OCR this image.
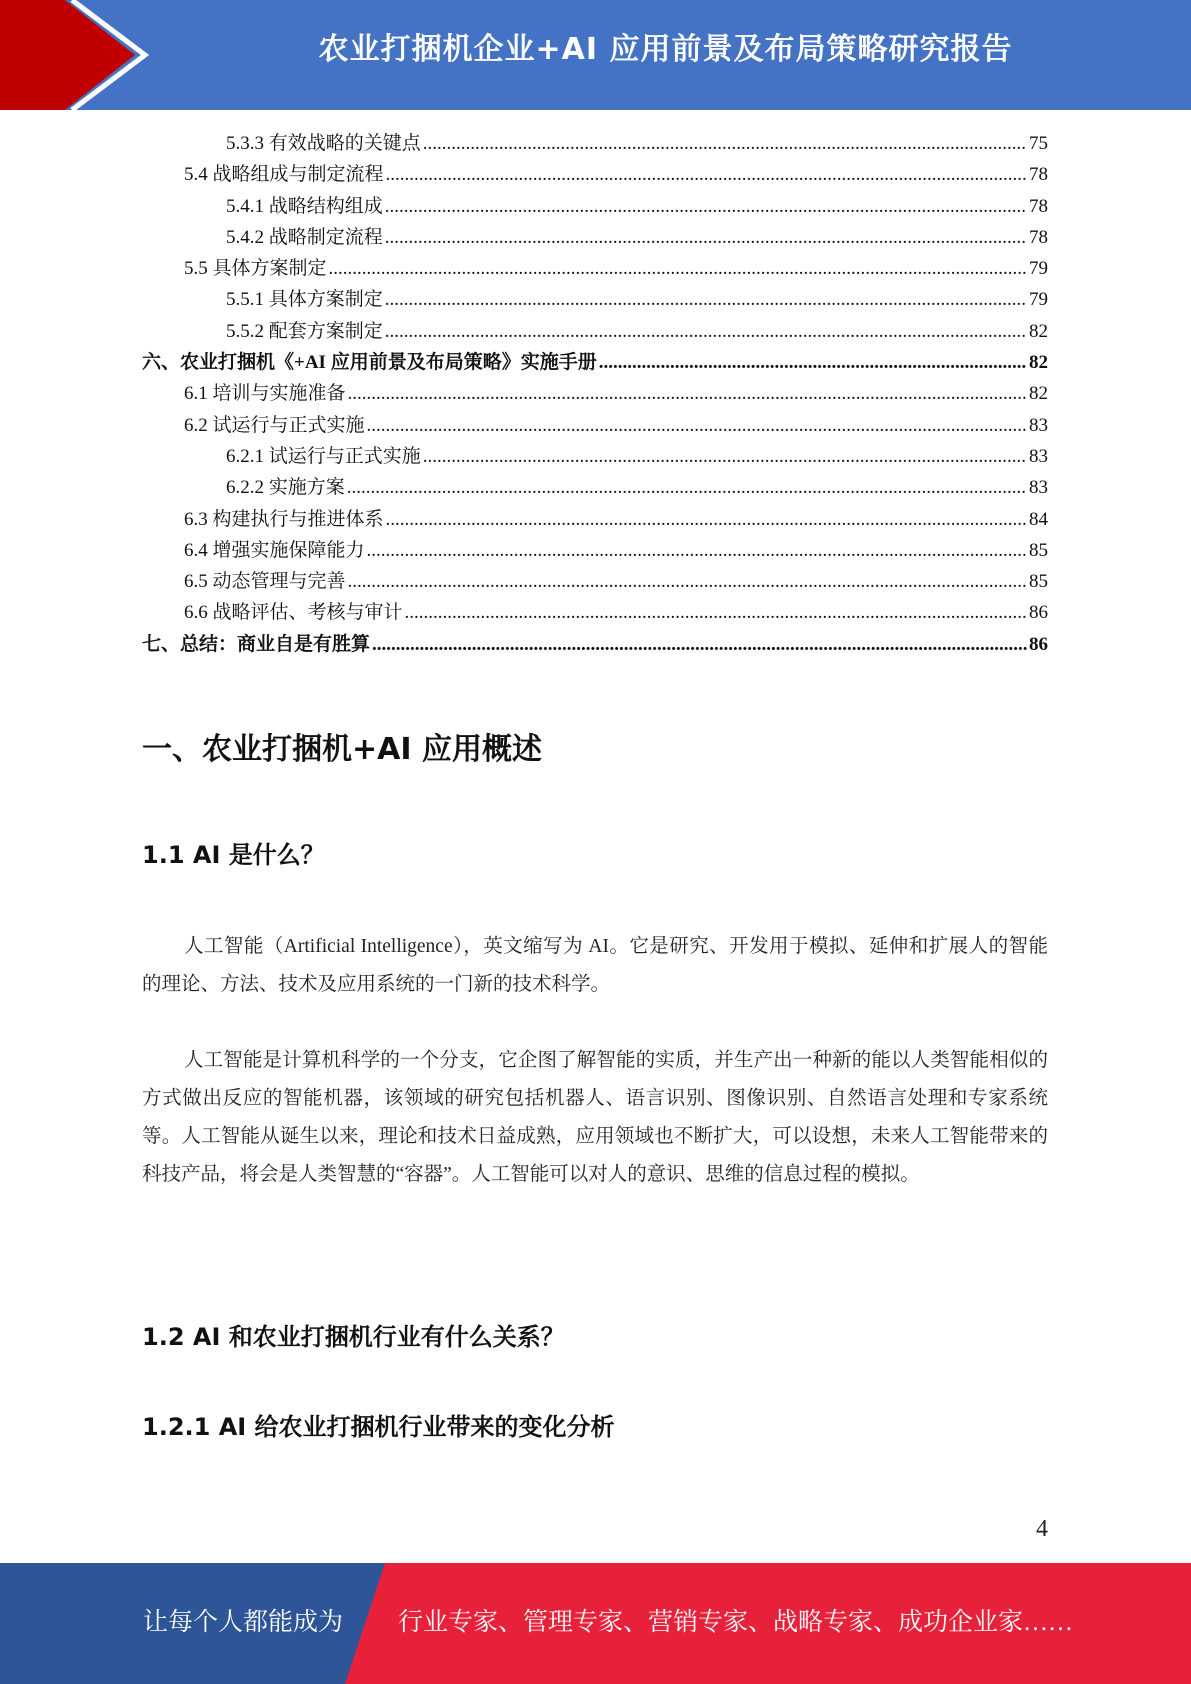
农业打捆机企业+AI 应用前景及布局策略研究报告
5.3.3 有效战略的关键点 .....	75
5.4 战略组成与制定流程 .....	78
5.4.1 战略结构组成 .....	78
5.4.2 战略制定流程 .....	78
5.5 具体方案制定 .....	79
5.5.1 具体方案制定 .....	79
5.5.2 配套方案制定 .....	82
六、农业打捆机《+AI 应用前景及布局策略》实施手册 .....	82
6.1 培训与实施准备 .....	82
6.2 试运行与正式实施 .....	83
6.2.1 试运行与正式实施 .....	83
6.2.2 实施方案 .....	83
6.3 构建执行与推进体系 .....	84
6.4 增强实施保障能力 .....	85
6.5 动态管理与完善 .....	85
6.6 战略评估、考核与审计 .....	86
七、总结：商业自是有胜算 .....	86
一、农业打捆机+AI 应用概述
1.1 AI 是什么？
人工智能（Artificial Intelligence），英文缩写为 AI。它是研究、开发用于模拟、延伸和扩展人的智能的理论、方法、技术及应用系统的一门新的技术科学。
人工智能是计算机科学的一个分支，它企图了解智能的实质，并生产出一种新的能以人类智能相似的方式做出反应的智能机器，该领域的研究包括机器人、语言识别、图像识别、自然语言处理和专家系统等。人工智能从诞生以来，理论和技术日益成熟，应用领域也不断扩大，可以设想，未来人工智能带来的科技产品，将会是人类智慧的“容器”。人工智能可以对人的意识、思维的信息过程的模拟。
1.2 AI 和农业打捆机行业有什么关系？
1.2.1 AI 给农业打捆机行业带来的变化分析
4
让每个人都能成为 行业专家、管理专家、营销专家、战略专家、成功企业家……
